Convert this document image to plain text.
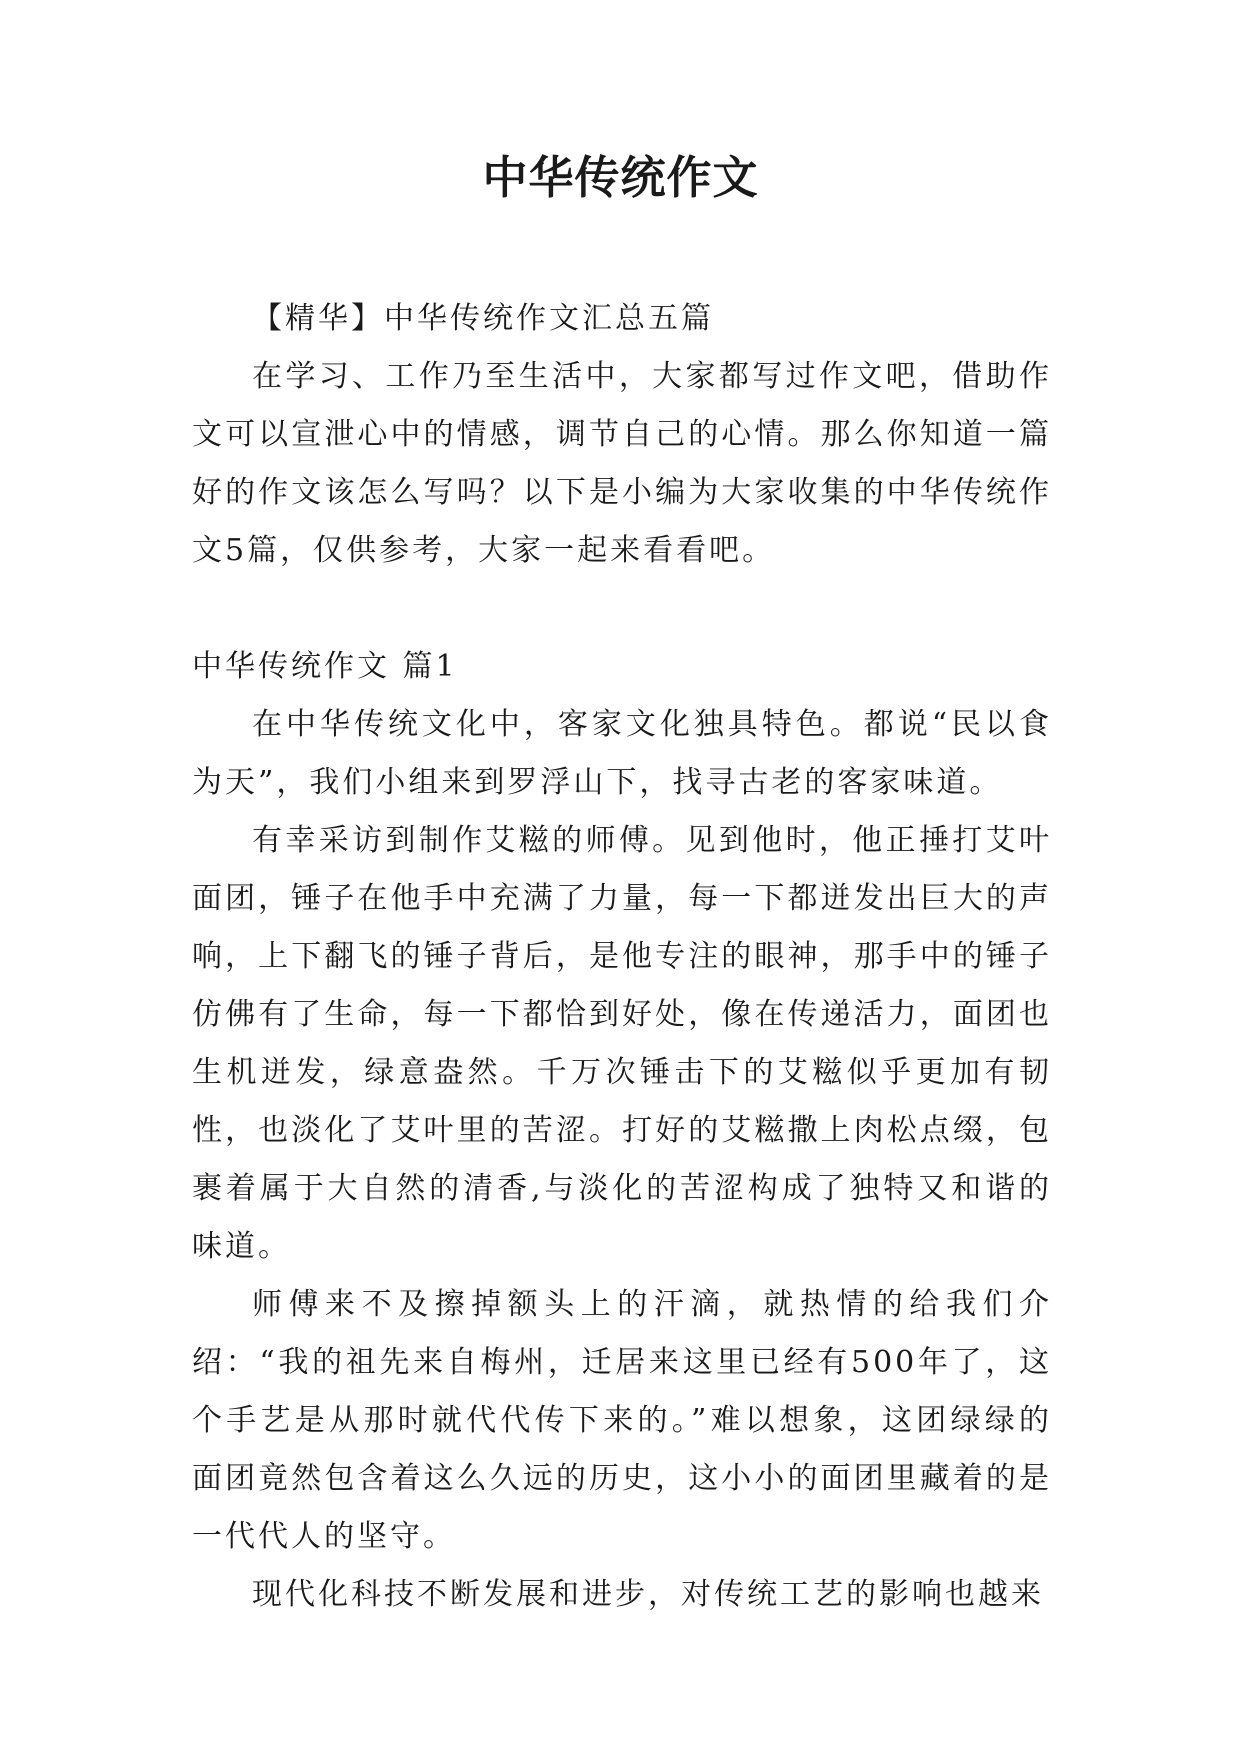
中华传统作文

【精华】中华传统作文汇总五篇

在学习、工作乃至生活中，大家都写过作文吧，借助作文可以宣泄心中的情感，调节自己的心情。那么你知道一篇好的作文该怎么写吗？以下是小编为大家收集的中华传统作文5篇，仅供参考，大家一起来看看吧。

中华传统作文 篇1

在中华传统文化中，客家文化独具特色。都说“民以食为天”，我们小组来到罗浮山下，找寻古老的客家味道。

有幸采访到制作艾糍的师傅。见到他时，他正捶打艾叶面团，锤子在他手中充满了力量，每一下都迸发出巨大的声响，上下翻飞的锤子背后，是他专注的眼神，那手中的锤子仿佛有了生命，每一下都恰到好处，像在传递活力，面团也生机迸发，绿意盎然。千万次锤击下的艾糍似乎更加有韧性，也淡化了艾叶里的苦涩。打好的艾糍撒上肉松点缀，包裹着属于大自然的清香,与淡化的苦涩构成了独特又和谐的味道。

师傅来不及擦掉额头上的汗滴，就热情的给我们介绍：“我的祖先来自梅州，迁居来这里已经有500年了，这个手艺是从那时就代代传下来的。”难以想象，这团绿绿的面团竟然包含着这么久远的历史，这小小的面团里藏着的是一代代人的坚守。

现代化科技不断发展和进步，对传统工艺的影响也越来
